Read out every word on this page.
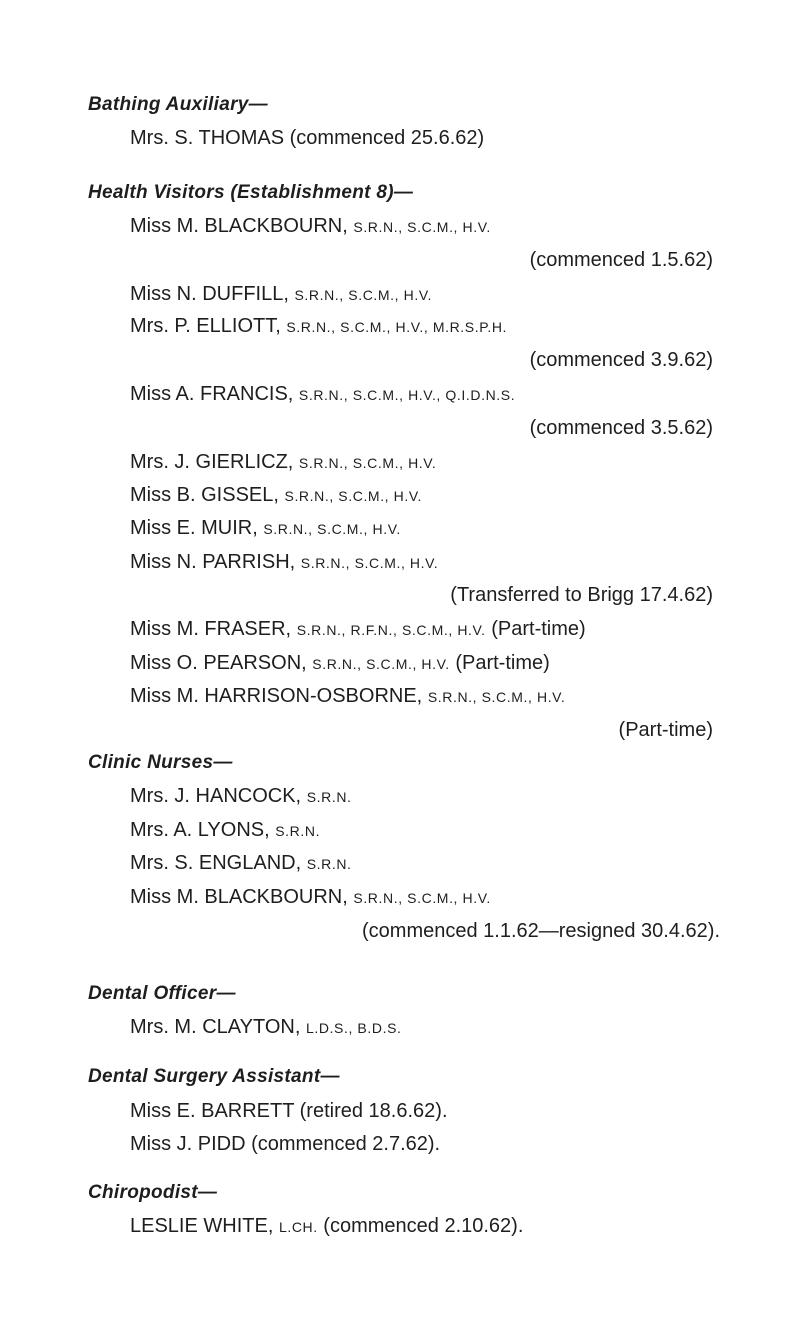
Bathing Auxiliary—
Mrs. S. THOMAS (commenced 25.6.62)
Health Visitors (Establishment 8)—
Miss M. BLACKBOURN, S.R.N., S.C.M., H.V.
(commenced 1.5.62)
Miss N. DUFFILL, S.R.N., S.C.M., H.V.
Mrs. P. ELLIOTT, S.R.N., S.C.M., H.V., M.R.S.P.H.
(commenced 3.9.62)
Miss A. FRANCIS, S.R.N., S.C.M., H.V., Q.I.D.N.S.
(commenced 3.5.62)
Mrs. J. GIERLICZ, S.R.N., S.C.M., H.V.
Miss B. GISSEL, S.R.N., S.C.M., H.V.
Miss E. MUIR, S.R.N., S.C.M., H.V.
Miss N. PARRISH, S.R.N., S.C.M., H.V.
(Transferred to Brigg 17.4.62)
Miss M. FRASER, S.R.N., R.F.N., S.C.M., H.V. (Part-time)
Miss O. PEARSON, S.R.N., S.C.M., H.V. (Part-time)
Miss M. HARRISON-OSBORNE, S.R.N., S.C.M., H.V.
(Part-time)
Clinic Nurses—
Mrs. J. HANCOCK, S.R.N.
Mrs. A. LYONS, S.R.N.
Mrs. S. ENGLAND, S.R.N.
Miss M. BLACKBOURN, S.R.N., S.C.M., H.V.
(commenced 1.1.62—resigned 30.4.62).
Dental Officer—
Mrs. M. CLAYTON, L.D.S., B.D.S.
Dental Surgery Assistant—
Miss E. BARRETT (retired 18.6.62).
Miss J. PIDD (commenced 2.7.62).
Chiropodist—
LESLIE WHITE, L.CH. (commenced 2.10.62).
